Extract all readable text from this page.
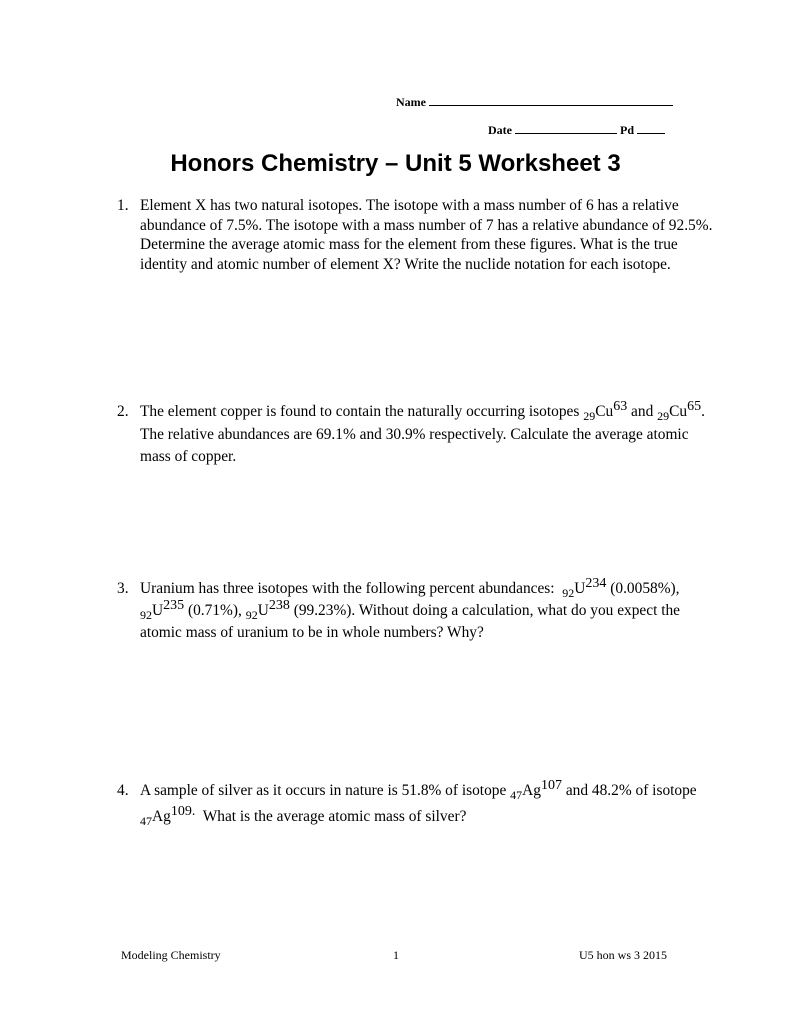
Name
Date	Pd
Honors Chemistry – Unit 5 Worksheet 3
1. Element X has two natural isotopes. The isotope with a mass number of 6 has a relative abundance of 7.5%. The isotope with a mass number of 7 has a relative abundance of 92.5%. Determine the average atomic mass for the element from these figures. What is the true identity and atomic number of element X? Write the nuclide notation for each isotope.
2. The element copper is found to contain the naturally occurring isotopes $_{29}$Cu63 and $_{29}$Cu65. The relative abundances are 69.1% and 30.9% respectively. Calculate the average atomic mass of copper.
3. Uranium has three isotopes with the following percent abundances: $_{92}$U234 (0.0058%), $_{92}$U235 (0.71%), $_{92}$U238 (99.23%). Without doing a calculation, what do you expect the atomic mass of uranium to be in whole numbers? Why?
4. A sample of silver as it occurs in nature is 51.8% of isotope $_{47}$Ag107 and 48.2% of isotope $_{47}$Ag109. What is the average atomic mass of silver?
Modeling Chemistry	1	U5 hon ws 3 2015
